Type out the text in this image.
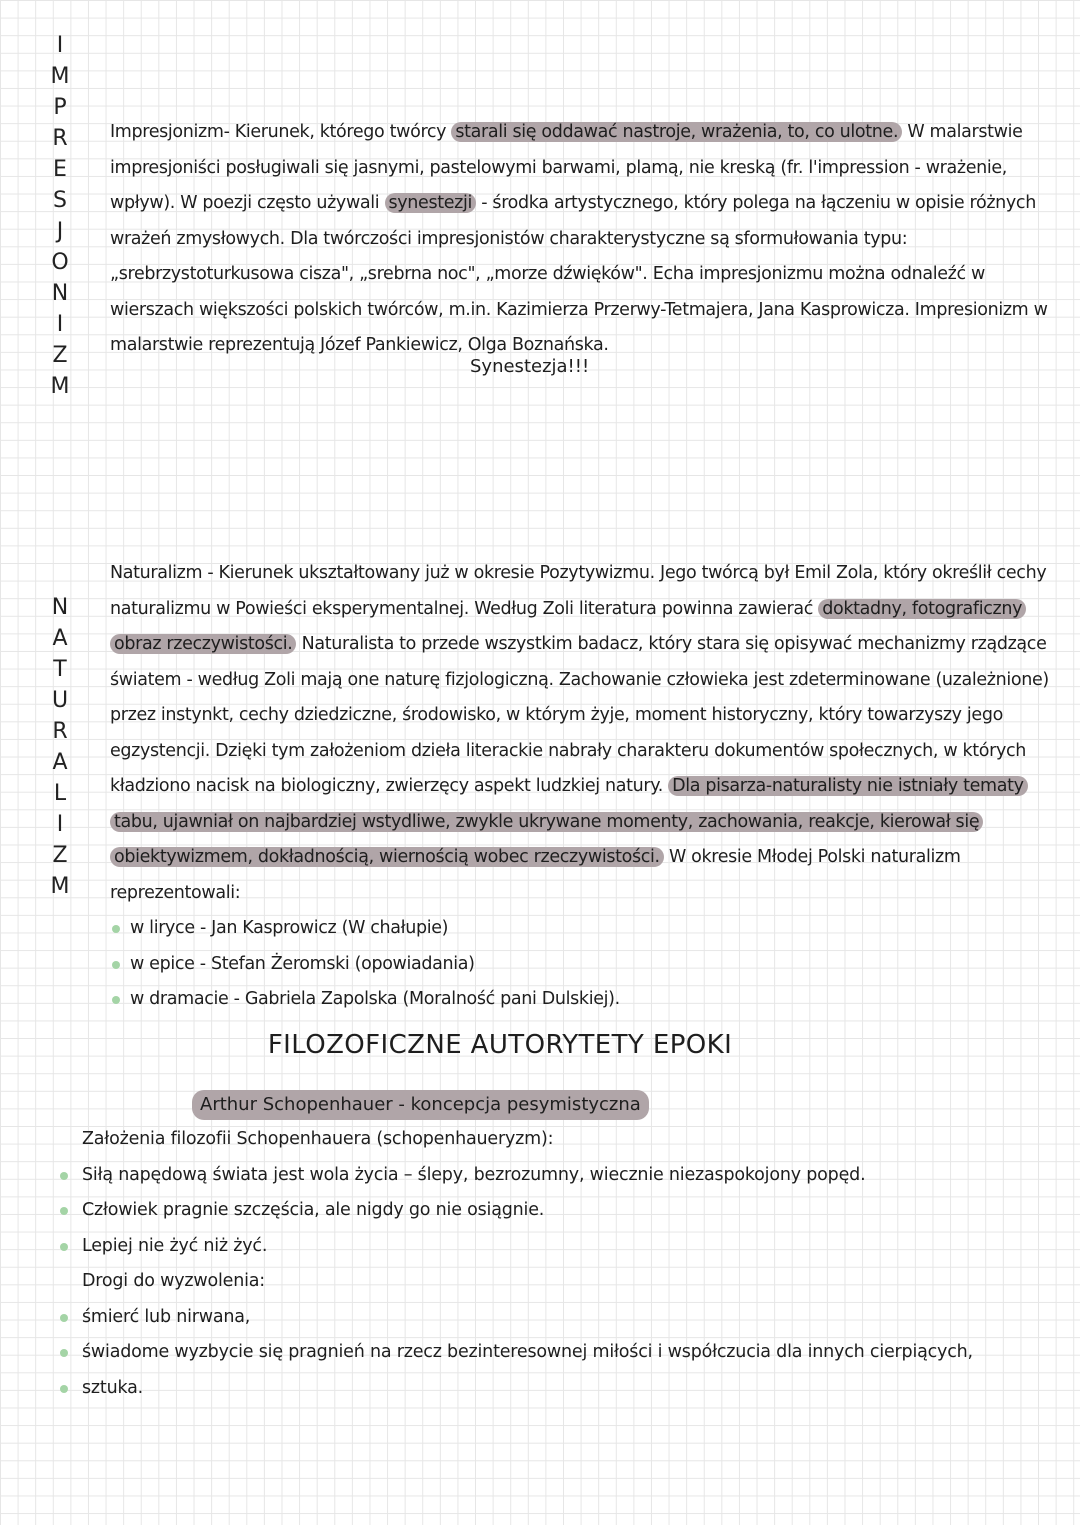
I
M
P
R
E
S
J
O
N
I
Z
M
Impresjonizm- Kierunek, którego twórcy starali się oddawać nastroje, wrażenia, to, co ulotne. W malarstwie impresjoniści posługiwali się jasnymi, pastelowymi barwami, plamą, nie kreską (fr. l'impression - wrażenie, wpływ). W poezji często używali synestezji - środka artystycznego, który polega na łączeniu w opisie różnych wrażeń zmysłowych. Dla twórczości impresjonistów charakterystyczne są sformułowania typu: „srebrzystoturkusowa cisza", „srebrna noc", „morze dźwięków". Echa impresjonizmu można odnaleźć w wierszach większości polskich twórców, m.in. Kazimierza Przerwy-Tetmajera, Jana Kasprowicza. Impresionizm w malarstwie reprezentują Józef Pankiewicz, Olga Boznańska.
Synestezja!!!
N
A
T
U
R
A
L
I
Z
M
Naturalizm - Kierunek ukształtowany już w okresie Pozytywizmu. Jego twórcą był Emil Zola, który określił cechy naturalizmu w Powieści eksperymentalnej. Według Zoli literatura powinna zawierać doktadny, fotograficzny obraz rzeczywistości. Naturalista to przede wszystkim badacz, który stara się opisywać mechanizmy rządzące światem - według Zoli mają one naturę fizjologiczną. Zachowanie człowieka jest zdeterminowane (uzależnione) przez instynkt, cechy dziedziczne, środowisko, w którym żyje, moment historyczny, który towarzyszy jego egzystencji. Dzięki tym założeniom dzieła literackie nabrały charakteru dokumentów społecznych, w których kładziono nacisk na biologiczny, zwierzęcy aspekt ludzkiej natury. Dla pisarza-naturalisty nie istniały tematy tabu, ujawniał on najbardziej wstydliwe, zwykle ukrywane momenty, zachowania, reakcje, kierował się obiektywizmem, dokładnością, wiernością wobec rzeczywistości. W okresie Młodej Polski naturalizm reprezentowali:
w liryce - Jan Kasprowicz (W chałupie)
w epice - Stefan Żeromski (opowiadania)
w dramacie - Gabriela Zapolska (Moralność pani Dulskiej).
FILOZOFICZNE AUTORYTETY EPOKI
Arthur Schopenhauer - koncepcja pesymistyczna
Założenia filozofii Schopenhauera (schopenhaueryzm):
Siłą napędową świata jest wola życia – ślepy, bezrozumny, wiecznie niezaspokojony popęd.
Człowiek pragnie szczęścia, ale nigdy go nie osiągnie.
Lepiej nie żyć niż żyć.
Drogi do wyzwolenia:
śmierć lub nirwana,
świadome wyzbycie się pragnień na rzecz bezinteresownej miłości i współczucia dla innych cierpiących,
sztuka.
